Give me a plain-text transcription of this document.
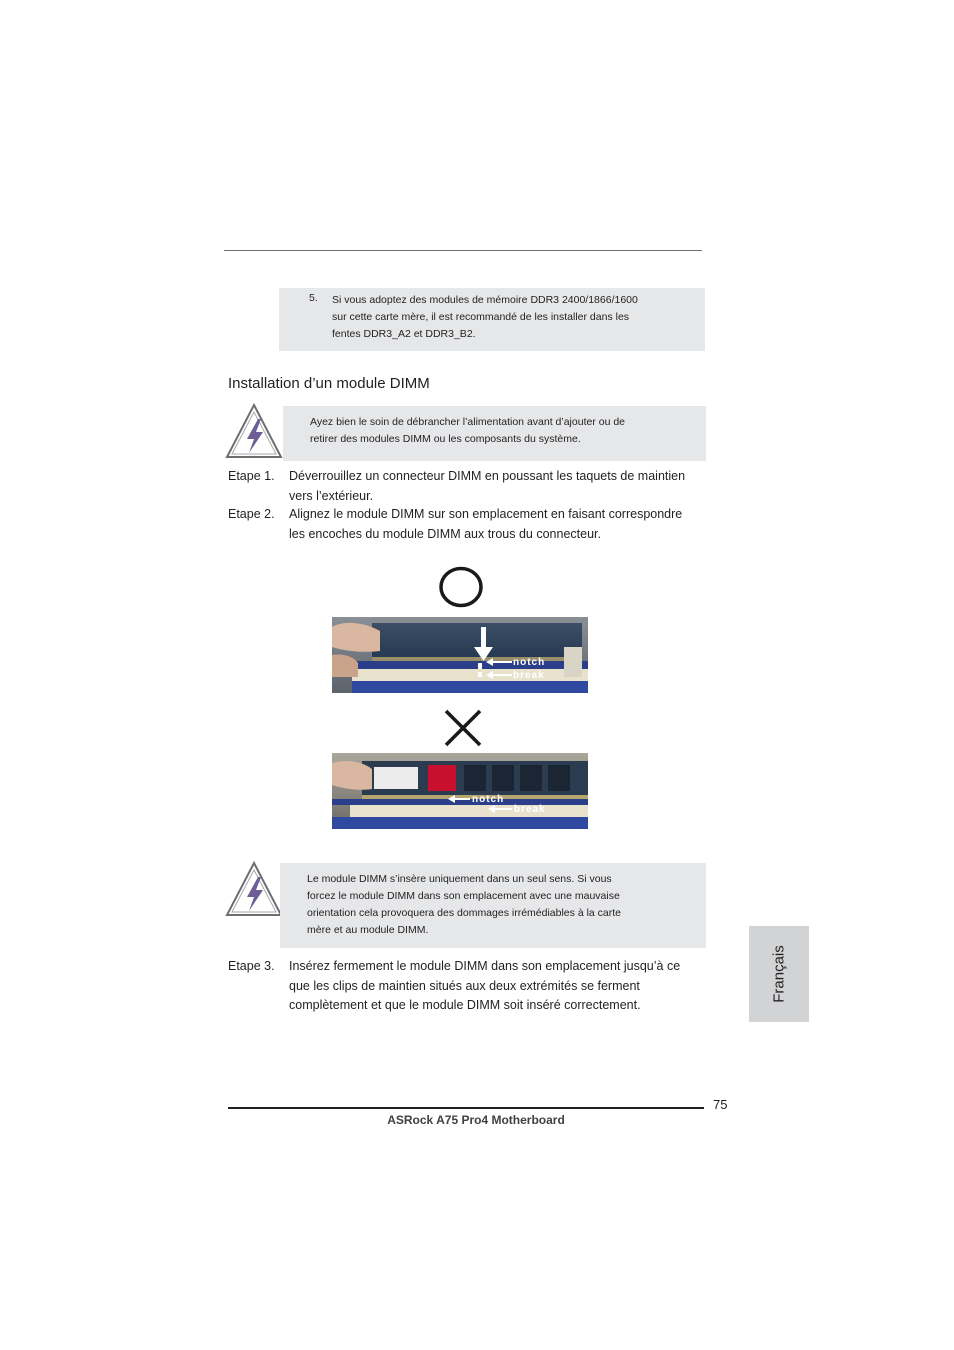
5. Si vous adoptez des modules de mémoire DDR3 2400/1866/1600
sur cette carte mère, il est recommandé de les installer dans les
fentes DDR3_A2 et DDR3_B2.
Installation d’un module DIMM
Ayez bien le soin de débrancher l’alimentation avant d’ajouter ou de
retirer des modules DIMM ou les composants du système.
Etape 1.	Déverrouillez un connecteur DIMM en poussant les taquets de maintien
vers l’extérieur.
Etape 2.	Alignez le module DIMM sur son emplacement en faisant correspondre
les encoches du module DIMM aux trous du connecteur.
notch
break
notch
break
Le module DIMM s’insère uniquement dans un seul sens. Si vous
forcez le module DIMM dans son emplacement avec une mauvaise
orientation cela provoquera des dommages irrémédiables à la carte
mère et au module DIMM.
Etape 3.	Insérez fermement le module DIMM dans son emplacement jusqu’à ce
que les clips de maintien situés aux deux extrémités se ferment
complètement et que le module DIMM soit inséré correctement.
Français
75
ASRock A75 Pro4 Motherboard
